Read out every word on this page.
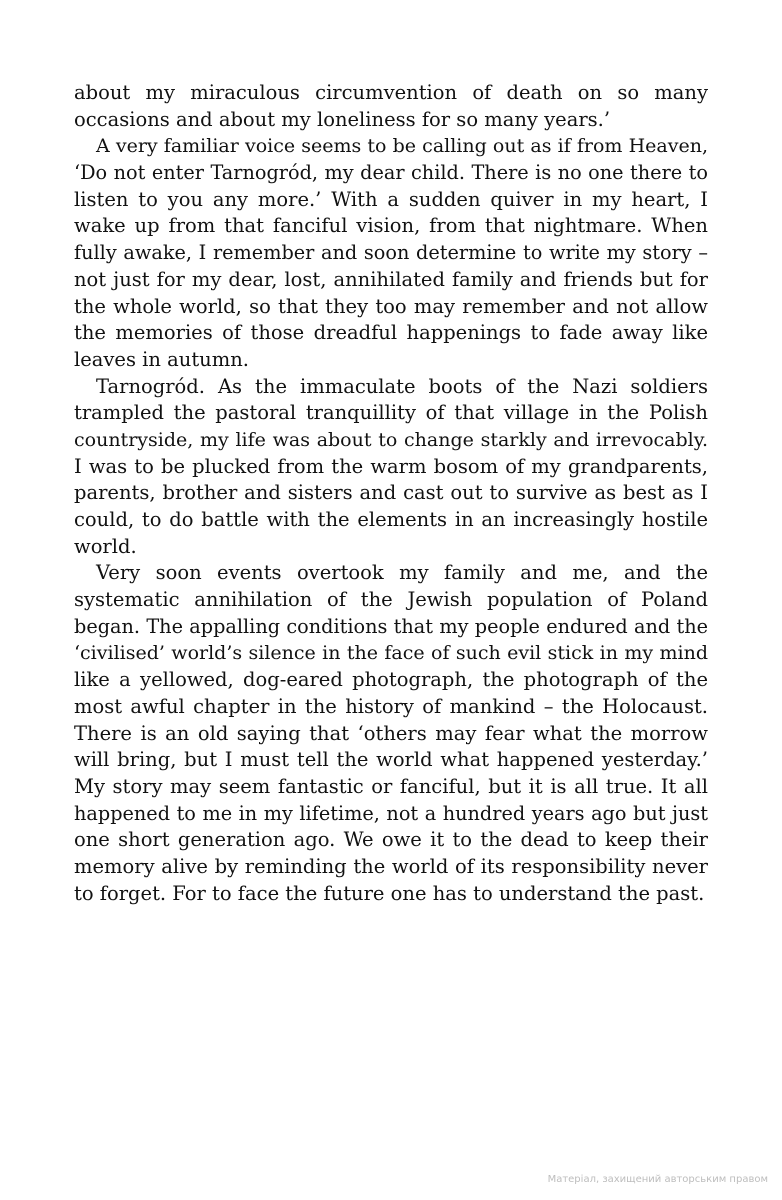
about my miraculous circumvention of death on so many
occasions and about my loneliness for so many years.’
A very familiar voice seems to be calling out as if from Heaven,
‘Do not enter Tarnogród, my dear child. There is no one there to
listen to you any more.’ With a sudden quiver in my heart, I
wake up from that fanciful vision, from that nightmare. When
fully awake, I remember and soon determine to write my story –
not just for my dear, lost, annihilated family and friends but for
the whole world, so that they too may remember and not allow
the memories of those dreadful happenings to fade away like
leaves in autumn.
Tarnogród. As the immaculate boots of the Nazi soldiers
trampled the pastoral tranquillity of that village in the Polish
countryside, my life was about to change starkly and irrevocably.
I was to be plucked from the warm bosom of my grandparents,
parents, brother and sisters and cast out to survive as best as I
could, to do battle with the elements in an increasingly hostile
world.
Very soon events overtook my family and me, and the
systematic annihilation of the Jewish population of Poland
began. The appalling conditions that my people endured and the
‘civilised’ world’s silence in the face of such evil stick in my mind
like a yellowed, dog-eared photograph, the photograph of the
most awful chapter in the history of mankind – the Holocaust.
There is an old saying that ‘others may fear what the morrow
will bring, but I must tell the world what happened yesterday.’
My story may seem fantastic or fanciful, but it is all true. It all
happened to me in my lifetime, not a hundred years ago but just
one short generation ago. We owe it to the dead to keep their
memory alive by reminding the world of its responsibility never
to forget. For to face the future one has to understand the past.
Матеріал, захищений авторським правом
